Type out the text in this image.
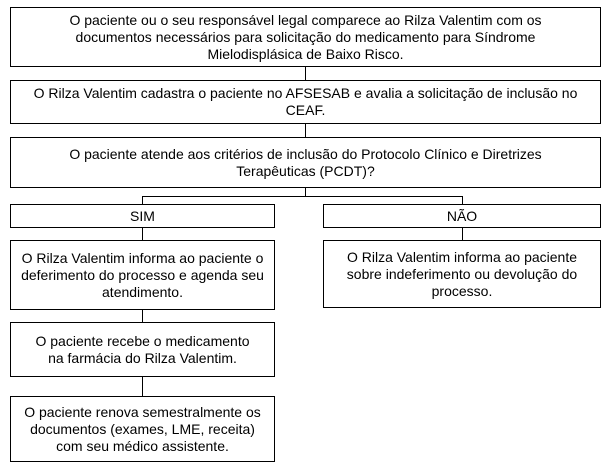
O paciente ou o seu responsável legal comparece ao Rilza Valentim com os documentos necessários para solicitação do medicamento para Síndrome Mielodisplásica de Baixo Risco.
O Rilza Valentim cadastra o paciente no AFSESAB e avalia a solicitação de inclusão no CEAF.
O paciente atende aos critérios de inclusão do Protocolo Clínico e Diretrizes Terapêuticas (PCDT)?
SIM	NÃO
O Rilza Valentim informa ao paciente o deferimento do processo e agenda seu atendimento.
O Rilza Valentim informa ao paciente sobre indeferimento ou devolução do processo.
O paciente recebe o medicamento na farmácia do Rilza Valentim.
O paciente renova semestralmente os documentos (exames, LME, receita) com seu médico assistente.
